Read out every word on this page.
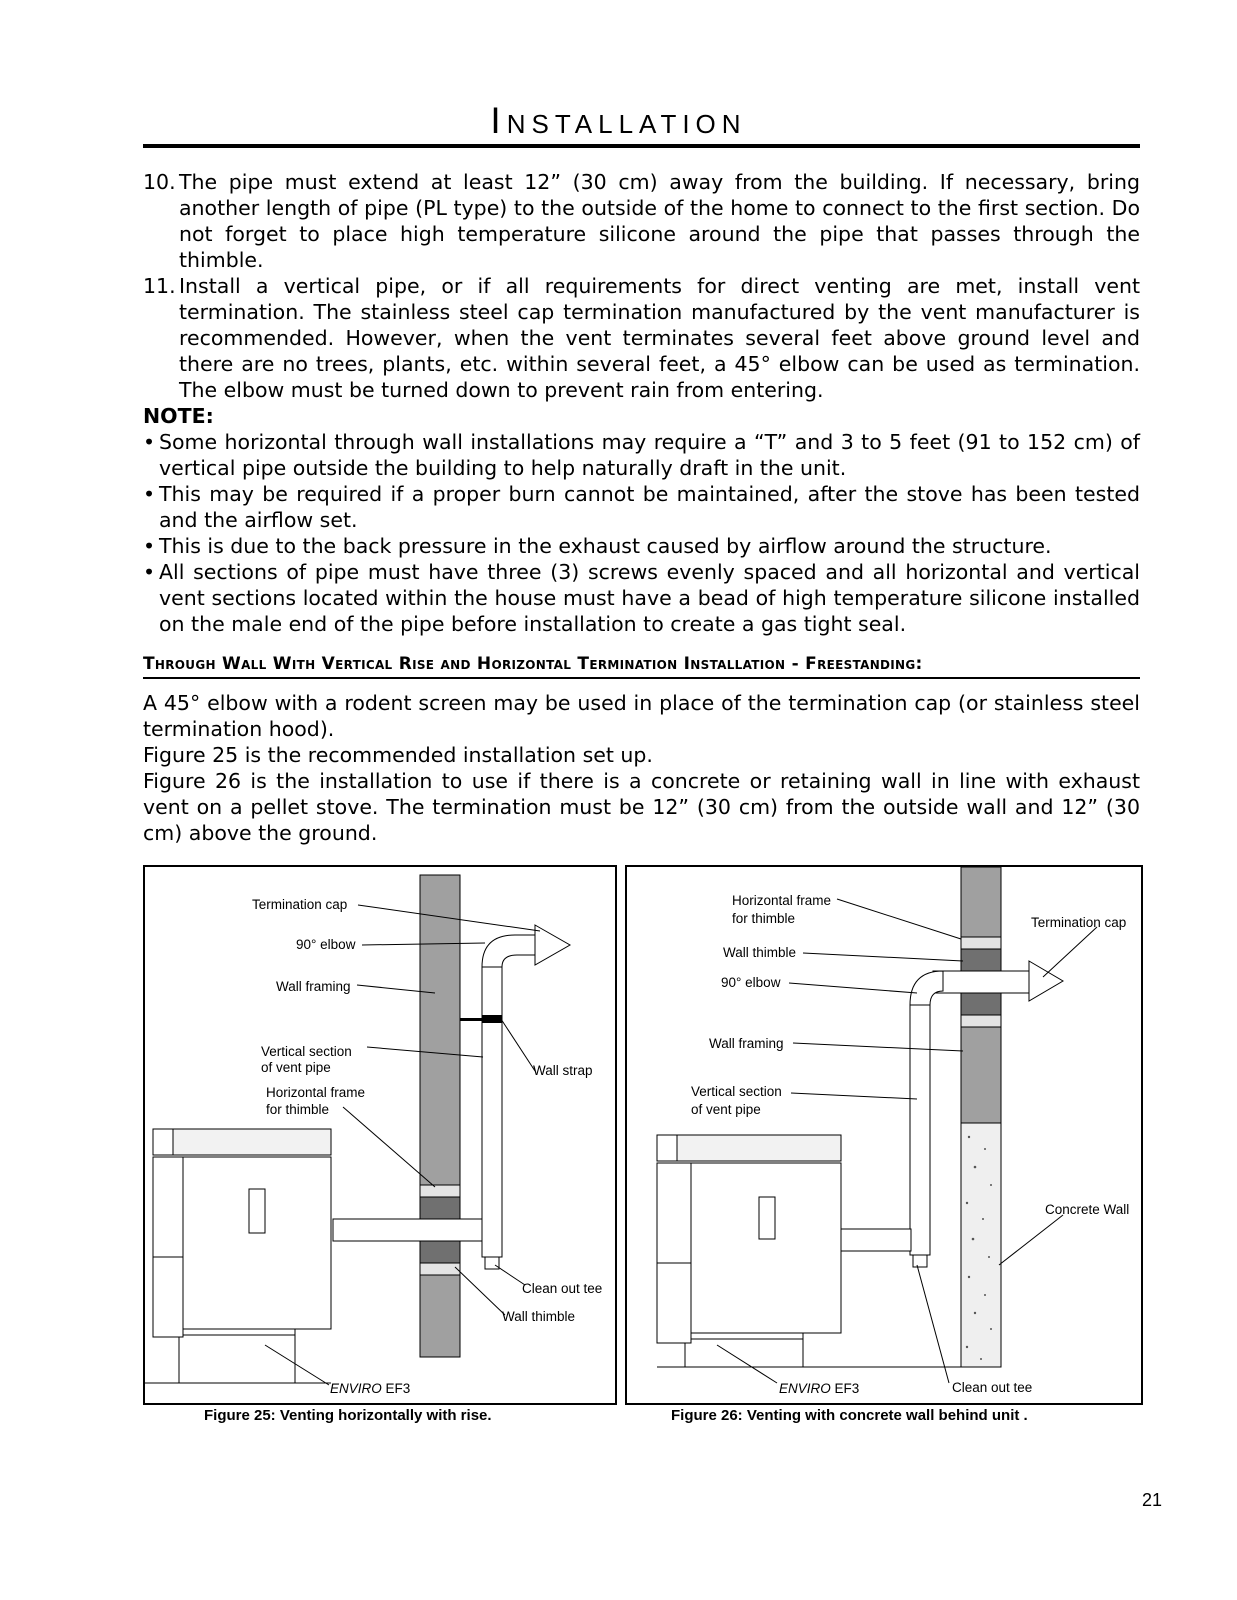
Installation
10. The pipe must extend at least 12” (30 cm) away from the building. If necessary, bring another length of pipe (PL type) to the outside of the home to connect to the first section. Do not forget to place high temperature silicone around the pipe that passes through the thimble.
11. Install a vertical pipe, or if all requirements for direct venting are met, install vent termination. The stainless steel cap termination manufactured by the vent manufacturer is recommended. However, when the vent terminates several feet above ground level and there are no trees, plants, etc. within several feet, a 45° elbow can be used as termination. The elbow must be turned down to prevent rain from entering.
NOTE:
• Some horizontal through wall installations may require a “T” and 3 to 5 feet (91 to 152 cm) of vertical pipe outside the building to help naturally draft in the unit.
• This may be required if a proper burn cannot be maintained, after the stove has been tested and the airflow set.
• This is due to the back pressure in the exhaust caused by airflow around the structure.
• All sections of pipe must have three (3) screws evenly spaced and all horizontal and vertical vent sections located within the house must have a bead of high temperature silicone installed on the male end of the pipe before installation to create a gas tight seal.
Through Wall With Vertical Rise and Horizontal Termination Installation - Freestanding:
A 45° elbow with a rodent screen may be used in place of the termination cap (or stainless steel termination hood).
Figure 25 is the recommended installation set up.
Figure 26 is the installation to use if there is a concrete or retaining wall in line with exhaust vent on a pellet stove. The termination must be 12” (30 cm) from the outside wall and 12” (30 cm) above the ground.
Termination cap
90° elbow
Wall framing
Vertical section
of vent pipe
Horizontal frame
for thimble
Wall strap
Clean out tee
Wall thimble
ENVIRO EF3
Figure 25: Venting horizontally with rise.
Horizontal frame
for thimble	Termination cap
Wall thimble
90° elbow
Wall framing
Vertical section
of vent pipe
Concrete Wall
Clean out tee
ENVIRO EF3
Figure 26: Venting with concrete wall behind unit .
21
